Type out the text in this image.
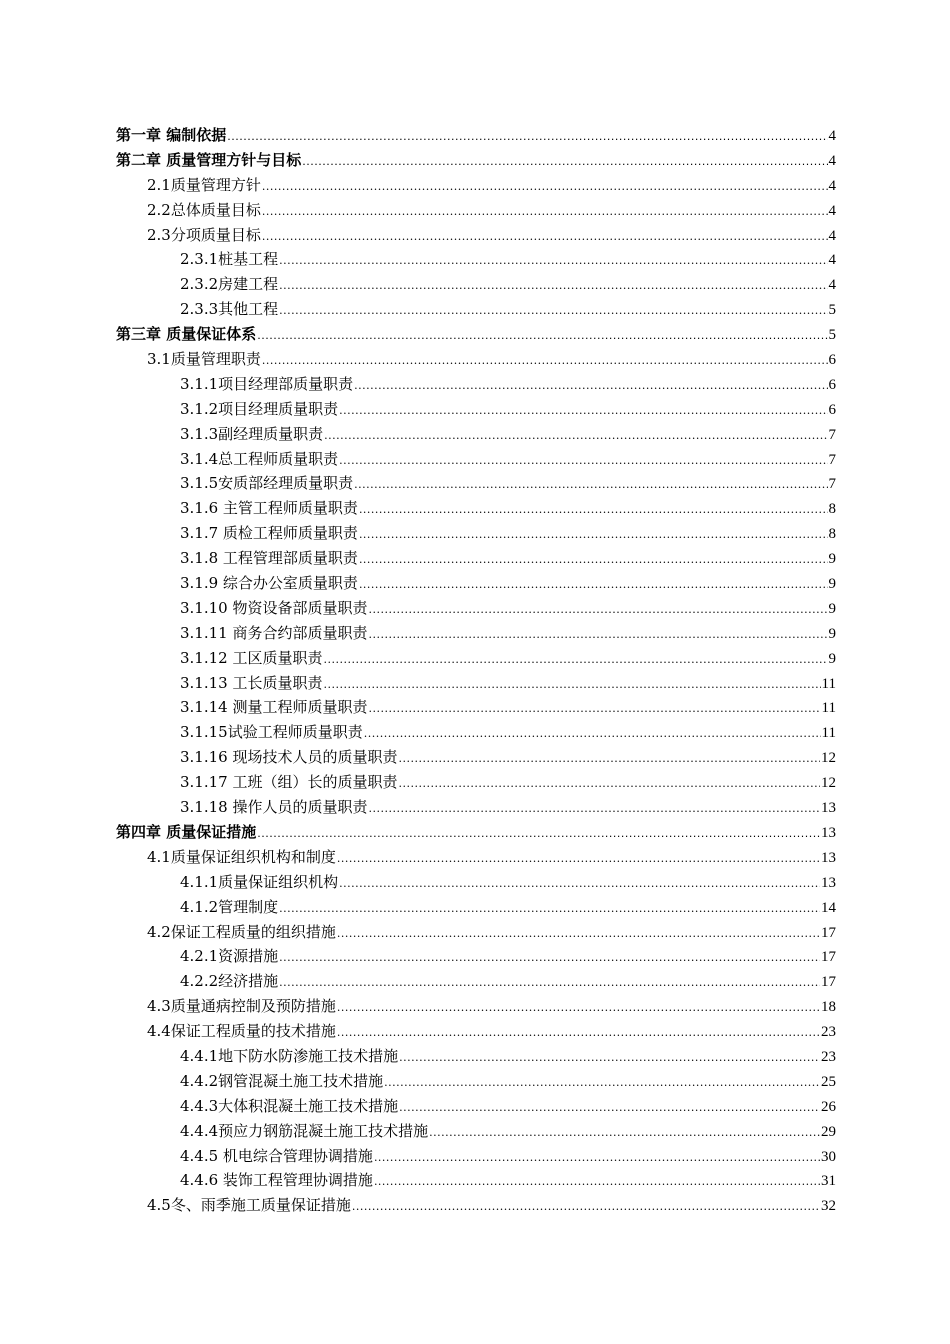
第一章 编制依据 .....	4
第二章 质量管理方针与目标 .....	4
2.1质量管理方针 .....	4
2.2总体质量目标 .....	4
2.3分项质量目标 .....	4
2.3.1桩基工程 .....	4
2.3.2房建工程 .....	4
2.3.3其他工程 .....	5
第三章 质量保证体系 .....	5
3.1质量管理职责 .....	6
3.1.1项目经理部质量职责 .....	6
3.1.2项目经理质量职责 .....	6
3.1.3副经理质量职责 .....	7
3.1.4总工程师质量职责 .....	7
3.1.5安质部经理质量职责 .....	7
3.1.6 主管工程师质量职责 .....	8
3.1.7 质检工程师质量职责 .....	8
3.1.8 工程管理部质量职责 .....	9
3.1.9 综合办公室质量职责 .....	9
3.1.10 物资设备部质量职责 .....	9
3.1.11 商务合约部质量职责 .....	9
3.1.12 工区质量职责 .....	9
3.1.13 工长质量职责 .....	11
3.1.14 测量工程师质量职责 .....	11
3.1.15试验工程师质量职责 .....	11
3.1.16 现场技术人员的质量职责 .....	12
3.1.17 工班（组）长的质量职责 .....	12
3.1.18 操作人员的质量职责 .....	13
第四章 质量保证措施 .....	13
4.1质量保证组织机构和制度 .....	13
4.1.1质量保证组织机构 .....	13
4.1.2管理制度 .....	14
4.2保证工程质量的组织措施 .....	17
4.2.1资源措施 .....	17
4.2.2经济措施 .....	17
4.3质量通病控制及预防措施 .....	18
4.4保证工程质量的技术措施 .....	23
4.4.1地下防水防渗施工技术措施 .....	23
4.4.2钢管混凝土施工技术措施 .....	25
4.4.3大体积混凝土施工技术措施 .....	26
4.4.4预应力钢筋混凝土施工技术措施 .....	29
4.4.5 机电综合管理协调措施 .....	30
4.4.6 装饰工程管理协调措施 .....	31
4.5冬、雨季施工质量保证措施 .....	32
